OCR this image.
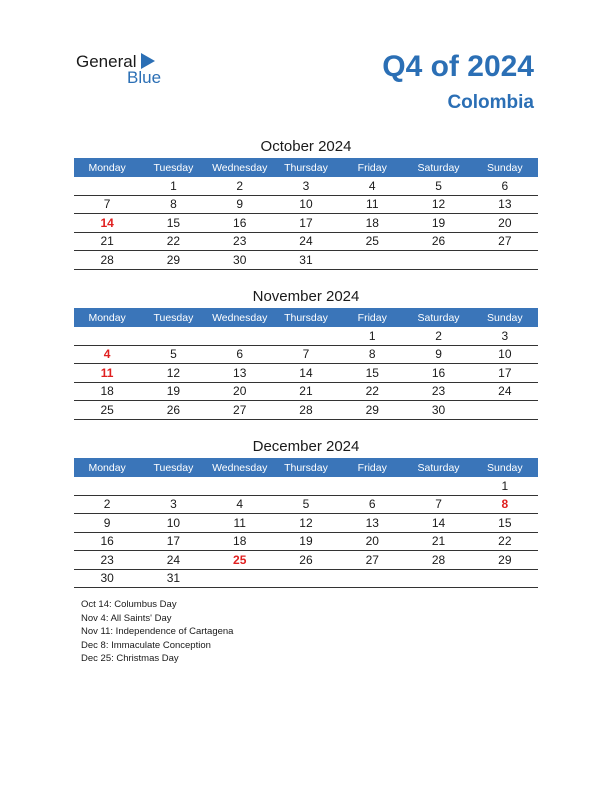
General
Blue	Q4 of 2024
Colombia
October 2024
Monday	Tuesday	Wednesday	Thursday	Friday	Saturday	Sunday
	1	2	3	4	5	6
7	8	9	10	11	12	13
14	15	16	17	18	19	20
21	22	23	24	25	26	27
28	29	30	31			
November 2024
Monday	Tuesday	Wednesday	Thursday	Friday	Saturday	Sunday
				1	2	3
4	5	6	7	8	9	10
11	12	13	14	15	16	17
18	19	20	21	22	23	24
25	26	27	28	29	30	
December 2024
Monday	Tuesday	Wednesday	Thursday	Friday	Saturday	Sunday
						1
2	3	4	5	6	7	8
9	10	11	12	13	14	15
16	17	18	19	20	21	22
23	24	25	26	27	28	29
30	31					
Oct 14: Columbus Day
Nov 4: All Saints' Day
Nov 11: Independence of Cartagena
Dec 8: Immaculate Conception
Dec 25: Christmas Day
